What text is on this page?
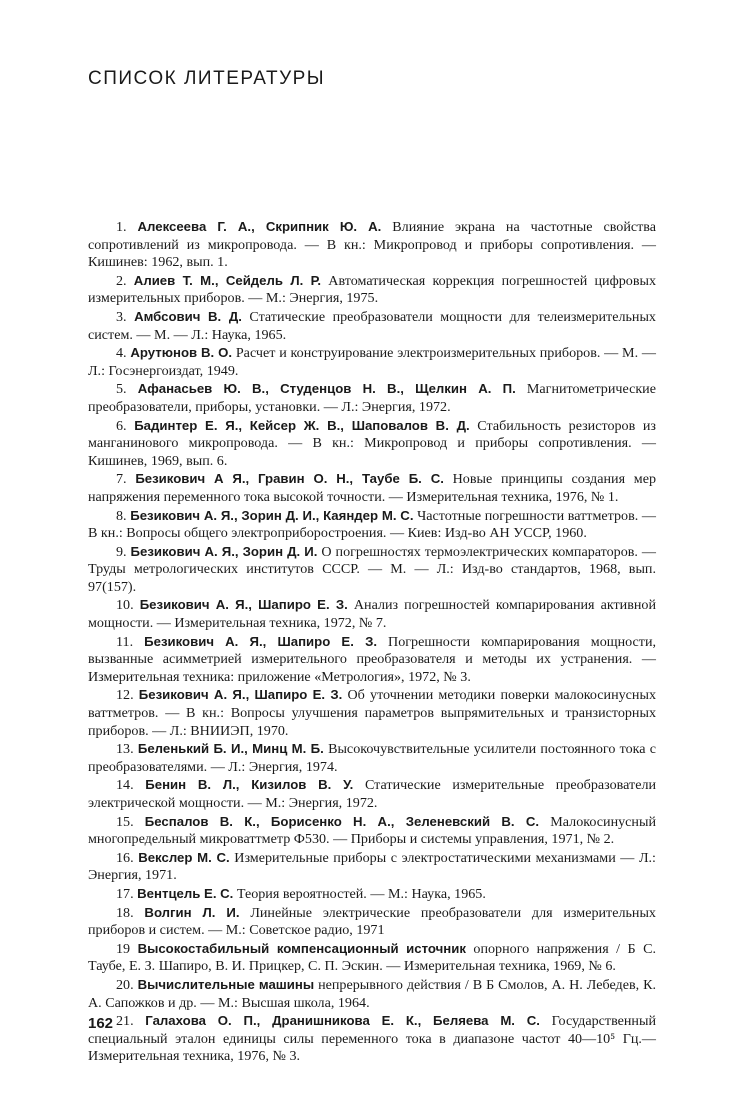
СПИСОК ЛИТЕРАТУРЫ

1. Алексеева Г. А., Скрипник Ю. А. Влияние экрана на частотные свойства сопротивлений из микропровода. — В кн.: Микропровод и приборы сопротивления. — Кишинев: 1962, вып. 1.

2. Алиев Т. М., Сейдель Л. Р. Автоматическая коррекция погрешностей цифровых измерительных приборов. — М.: Энергия, 1975.

3. Амбсович В. Д. Статические преобразователи мощности для телеизмерительных систем. — М. — Л.: Наука, 1965.

4. Арутюнов В. О. Расчет и конструирование электроизмерительных приборов. — М. — Л.: Госэнергоиздат, 1949.

5. Афанасьев Ю. В., Студенцов Н. В., Щелкин А. П. Магнитометрические преобразователи, приборы, установки. — Л.: Энергия, 1972.

6. Бадинтер Е. Я., Кейсер Ж. В., Шаповалов В. Д. Стабильность резисторов из манганинового микропровода. — В кн.: Микропровод и приборы сопротивления. — Кишинев, 1969, вып. 6.

7. Безикович А Я., Гравин О. Н., Таубе Б. С. Новые принципы создания мер напряжения переменного тока высокой точности. — Измерительная техника, 1976, № 1.

8. Безикович А. Я., Зорин Д. И., Каяндер М. С. Частотные погрешности ваттметров. — В кн.: Вопросы общего электроприборостроения. — Киев: Изд-во АН УССР, 1960.

9. Безикович А. Я., Зорин Д. И. О погрешностях термоэлектрических компараторов. — Труды метрологических институтов СССР. — М. — Л.: Изд-во стандартов, 1968, вып. 97(157).

10. Безикович А. Я., Шапиро Е. З. Анализ погрешностей компарирования активной мощности. — Измерительная техника, 1972, № 7.

11. Безикович А. Я., Шапиро Е. З. Погрешности компарирования мощности, вызванные асимметрией измерительного преобразователя и методы их устранения. — Измерительная техника: приложение «Метрология», 1972, № 3.

12. Безикович А. Я., Шапиро Е. З. Об уточнении методики поверки малокосинусных ваттметров. — В кн.: Вопросы улучшения параметров выпрямительных и транзисторных приборов. — Л.: ВНИИЭП, 1970.

13. Беленький Б. И., Минц М. Б. Высокочувствительные усилители постоянного тока с преобразователями. — Л.: Энергия, 1974.

14. Бенин В. Л., Кизилов В. У. Статические измерительные преобразователи электрической мощности. — М.: Энергия, 1972.

15. Беспалов В. К., Борисенко Н. А., Зеленевский В. С. Малокосинусный многопредельный микроваттметр Ф530. — Приборы и системы управления, 1971, № 2.

16. Векслер М. С. Измерительные приборы с электростатическими механизмами — Л.: Энергия, 1971.

17. Вентцель Е. С. Теория вероятностей. — М.: Наука, 1965.

18. Волгин Л. И. Линейные электрические преобразователи для измерительных приборов и систем. — М.: Советское радио, 1971

19 Высокостабильный компенсационный источник опорного напряжения / Б С. Таубе, Е. З. Шапиро, В. И. Прицкер, С. П. Эскин. — Измерительная техника, 1969, № 6.

20. Вычислительные машины непрерывного действия / В Б Смолов, А. Н. Лебедев, К. А. Сапожков и др. — М.: Высшая школа, 1964.

21. Галахова О. П., Дранишникова Е. К., Беляева М. С. Государственный специальный эталон единицы силы переменного тока в диапазоне частот 40—10⁵ Гц.— Измерительная техника, 1976, № 3.

162
